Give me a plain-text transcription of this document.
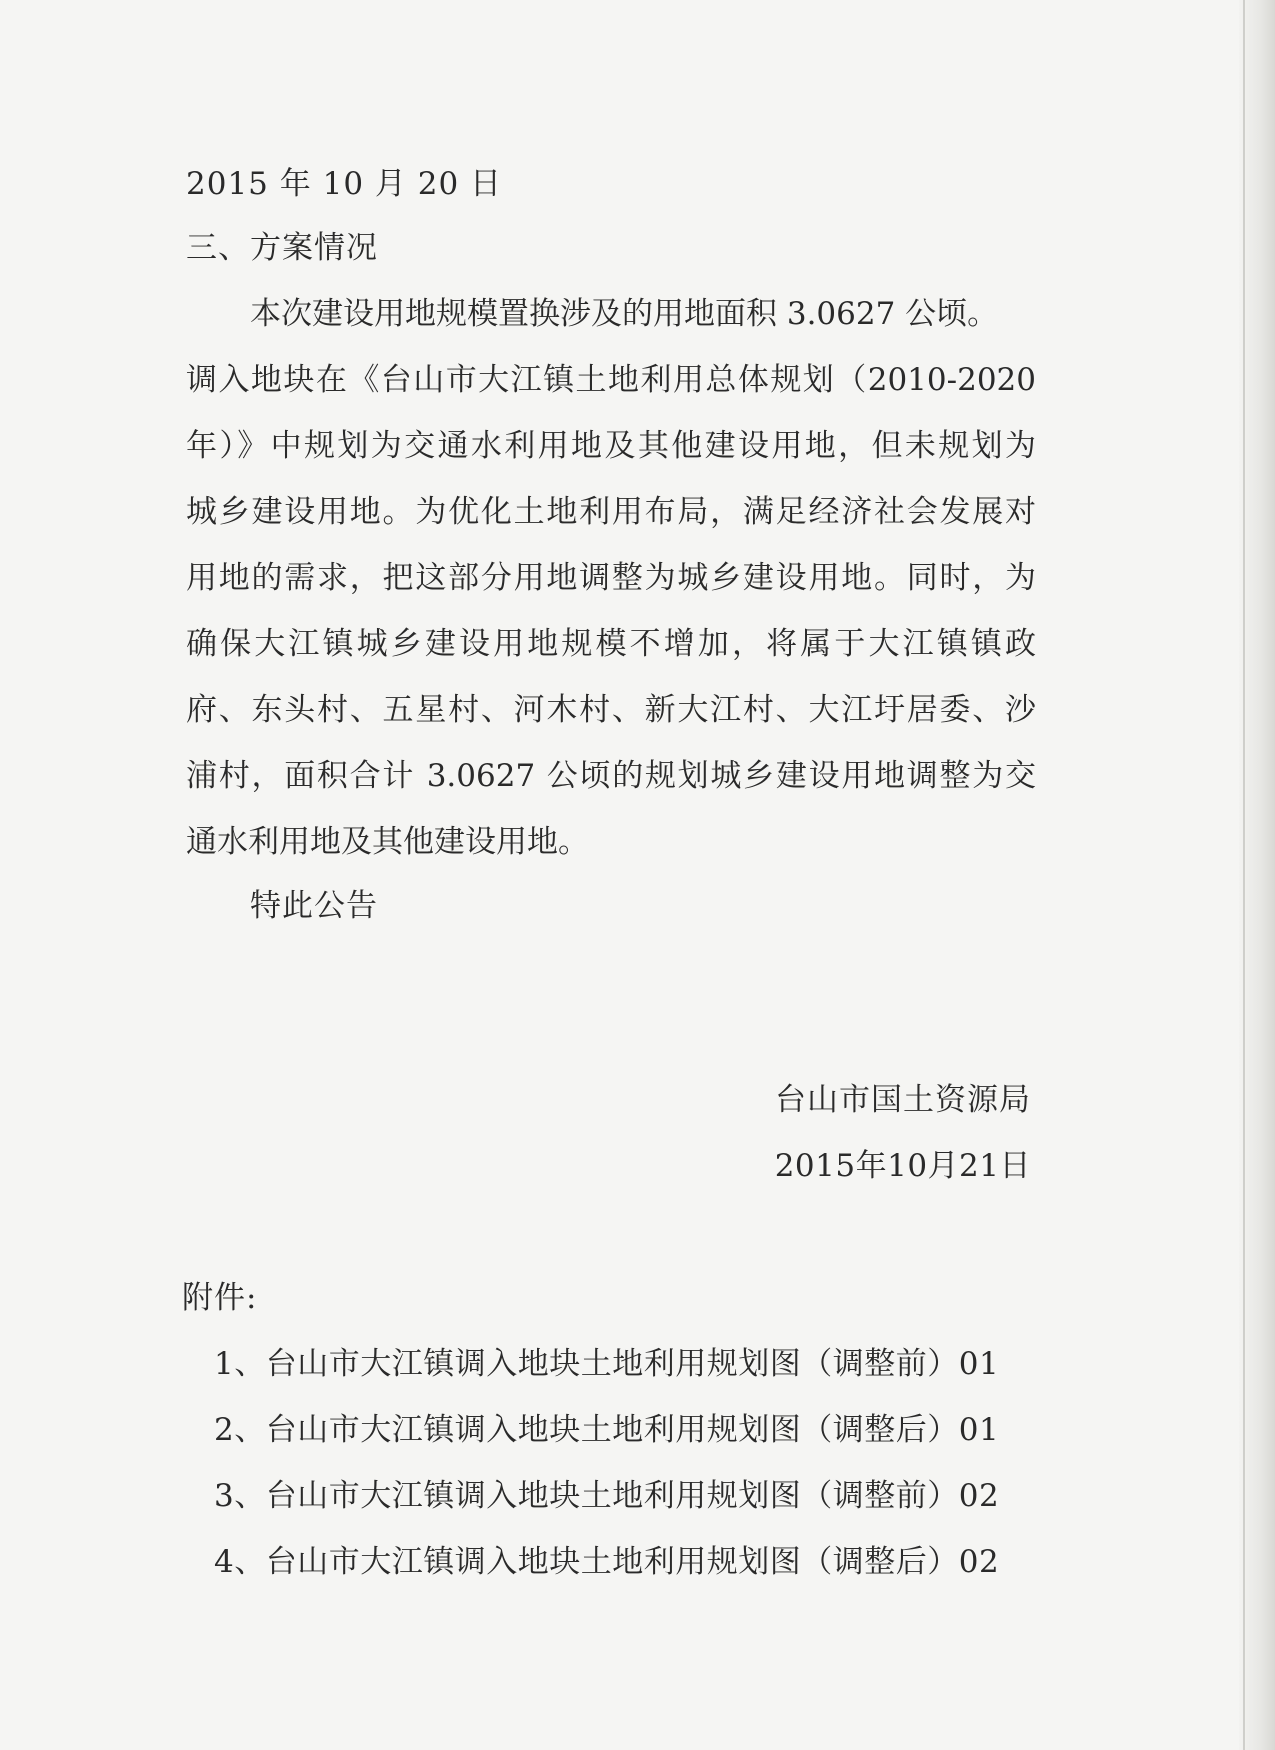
2015 年 10 月 20 日
三、方案情况
本次建设用地规模置换涉及的用地面积 3.0627 公顷。
调入地块在《台山市大江镇土地利用总体规划（2010-2020
年）》中规划为交通水利用地及其他建设用地，但未规划为
城乡建设用地。为优化土地利用布局，满足经济社会发展对
用地的需求，把这部分用地调整为城乡建设用地。同时，为
确保大江镇城乡建设用地规模不增加，将属于大江镇镇政
府、东头村、五星村、河木村、新大江村、大江圩居委、沙
浦村，面积合计 3.0627 公顷的规划城乡建设用地调整为交
通水利用地及其他建设用地。
特此公告
台山市国土资源局
2015年10月21日
附件:
1、台山市大江镇调入地块土地利用规划图（调整前）01
2、台山市大江镇调入地块土地利用规划图（调整后）01
3、台山市大江镇调入地块土地利用规划图（调整前）02
4、台山市大江镇调入地块土地利用规划图（调整后）02
